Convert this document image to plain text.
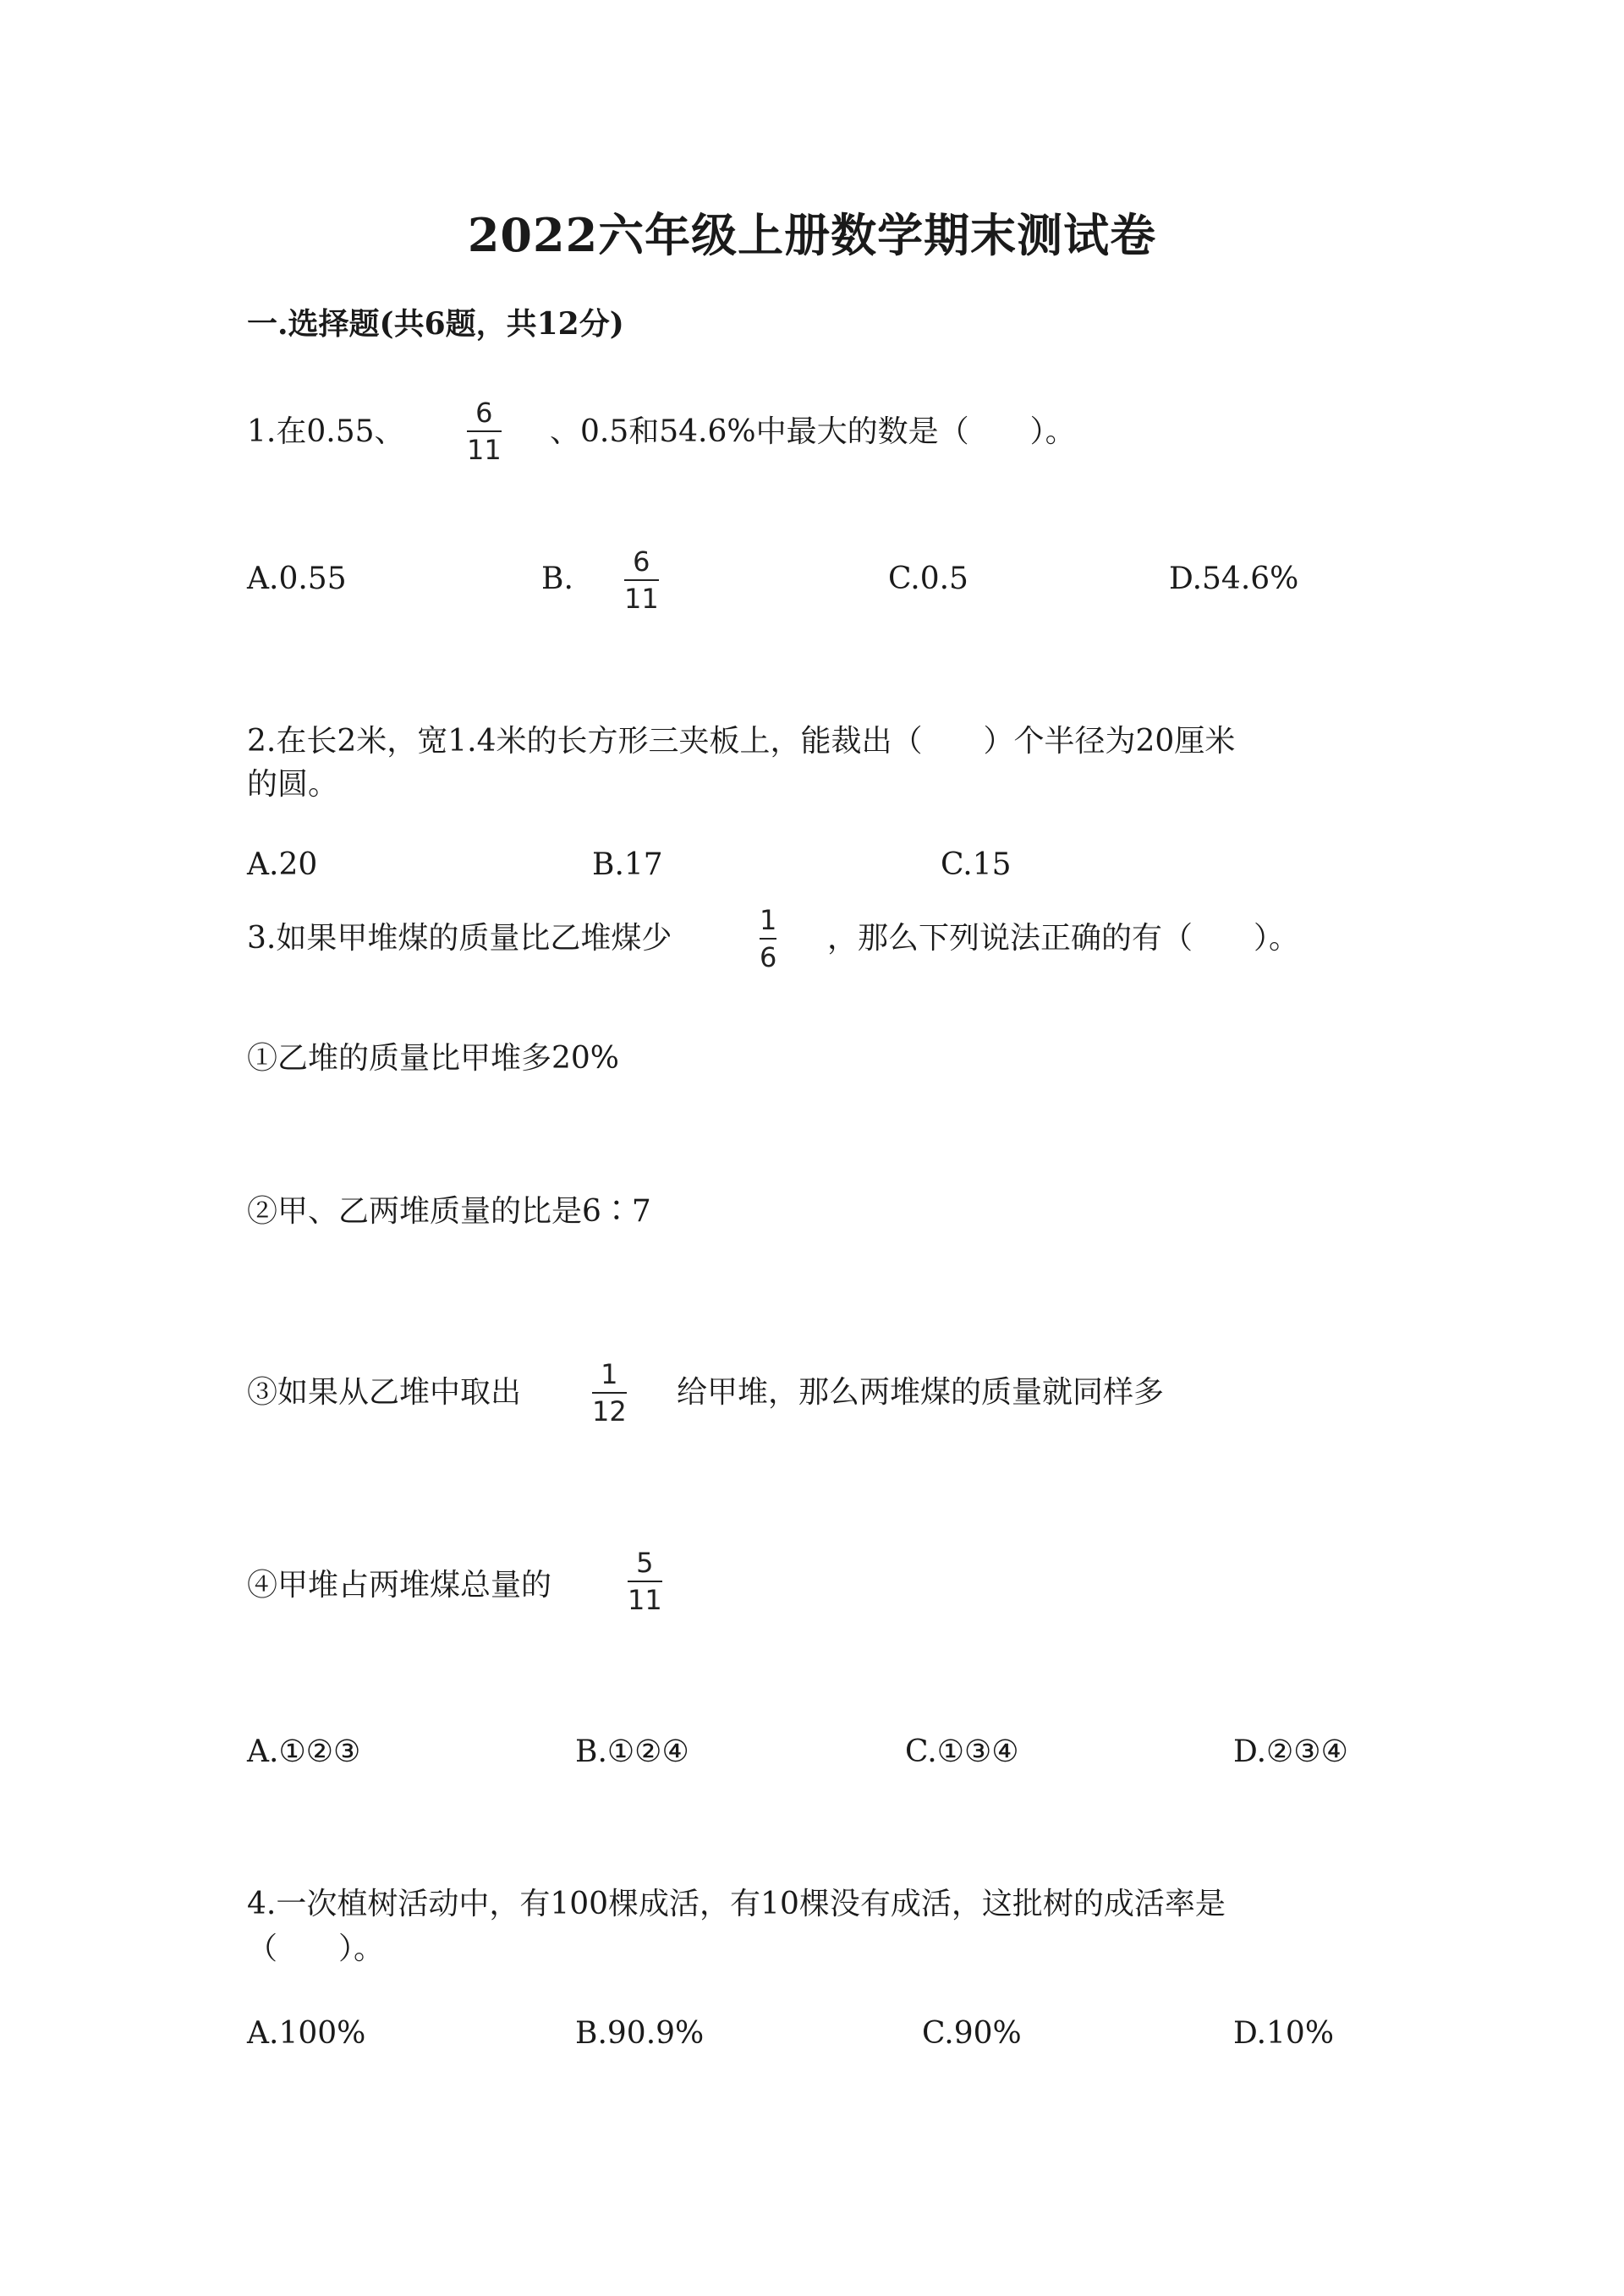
2022六年级上册数学期末测试卷
一.选择题(共6题，共12分)
1.在0.55、
6
11
、0.5和54.6%中最大的数是（　　）。
A.0.55	B. 6
11
C.0.5	D.54.6%
2.在长2米，宽1.4米的长方形三夹板上，能裁出（　　）个半径为20厘米
的圆。
A.20	B.17	C.15
3.如果甲堆煤的质量比乙堆煤少
1
6
，那么下列说法正确的有（　　）。
①乙堆的质量比甲堆多20%
②甲、乙两堆质量的比是6∶7
③如果从乙堆中取出
1
12
给甲堆，那么两堆煤的质量就同样多
④甲堆占两堆煤总量的
5
11
A.①②③	B.①②④	C.①③④	D.②③④
4.一次植树活动中，有100棵成活，有10棵没有成活，这批树的成活率是
（　　）。
A.100%	B.90.9%	C.90%	D.10%
